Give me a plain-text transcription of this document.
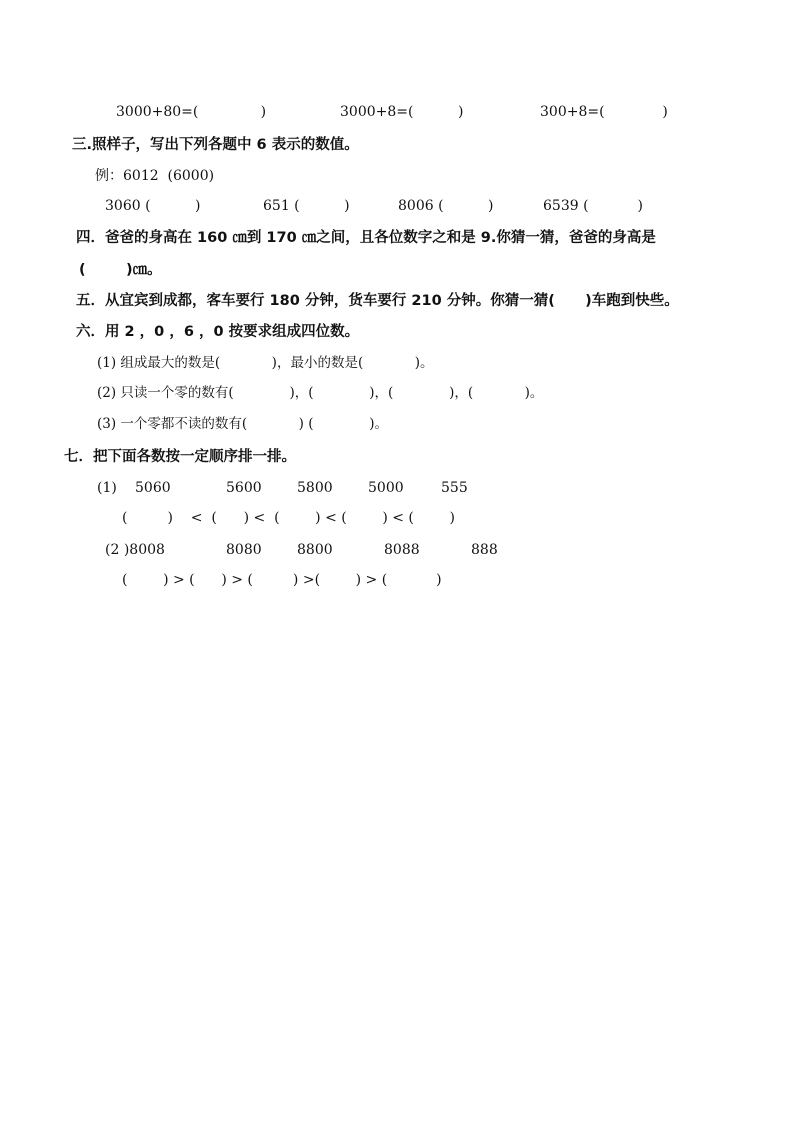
3000+80=(              )	3000+8=(          )	300+8=(             )
三.照样子，写出下列各题中 6 表示的数值。
例：6012  (6000)
3060 (          )	651 (          )	8006 (          )	6539 (           )
四．爸爸的身高在 160 ㎝到 170 ㎝之间，且各位数字之和是 9.你猜一猜，爸爸的身高是
(        )㎝。
五．从宜宾到成都，客车要行 180 分钟，货车要行 210 分钟。你猜一猜(      )车跑到快些。
六．用 2 ，0 ，6 ，0 按要求组成四位数。
(1) 组成最大的数是(            )，最小的数是(            )。
(2) 只读一个零的数有(             )，(             )，(             )，(            )。
(3) 一个零都不读的数有(            ) (             )。
七．把下面各数按一定顺序排一排。
(1) 5060	5600	5800	5000	555
(         )    <  (      ) <  (        ) < (        ) < (        )
(2 )8008	8080	8800	8088	888
(        ) > (      ) > (         ) >(        ) > (           )
